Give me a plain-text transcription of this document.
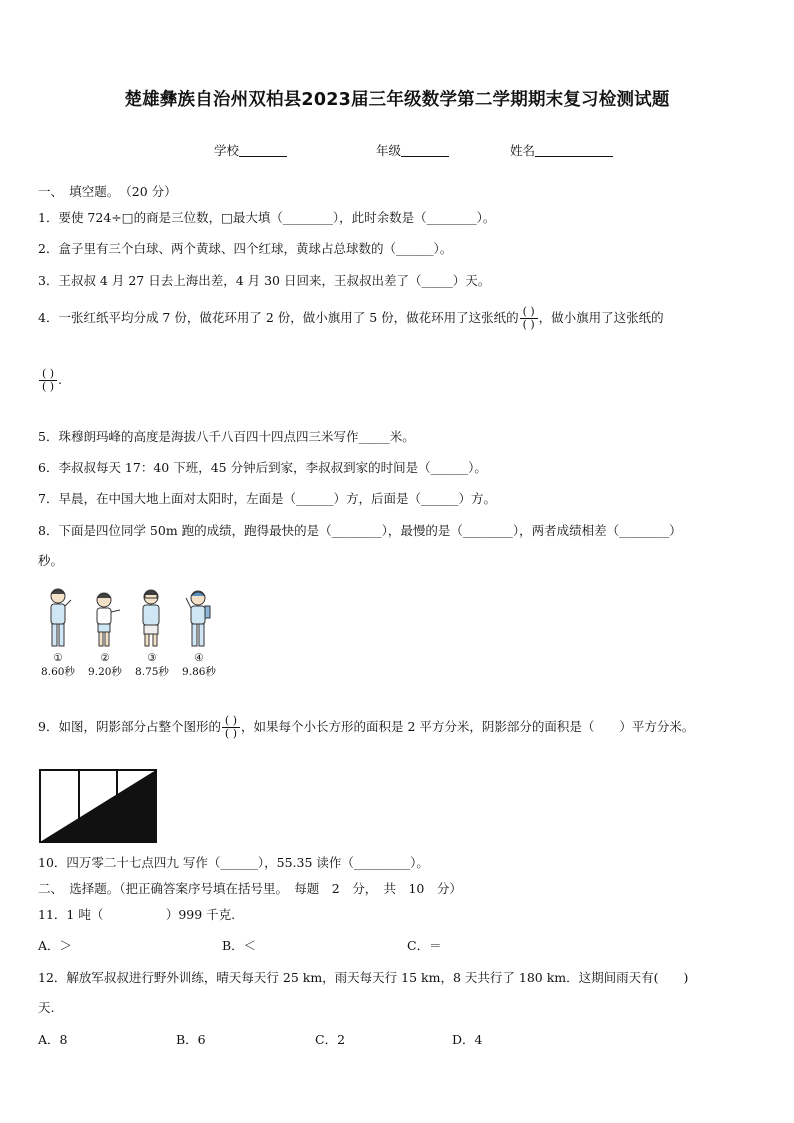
楚雄彝族自治州双柏县2023届三年级数学第二学期期末复习检测试题
学校	年级	姓名
一、　填空题。　（20 分）
1．要使 724÷□的商是三位数，□最大填（________），此时余数是（________）。
2．盒子里有三个白球、两个黄球、四个红球，黄球占总球数的（______）。
3．王叔叔 4 月 27 日去上海出差，4 月 30 日回来，王叔叔出差了（_____）天。
4．一张红纸平均分成 7 份，做花环用了 2 份，做小旗用了 5 份，做花环用了这张纸的 $\frac{( )}{( )}$ ，做小旗用了这张纸的
$\frac{( )}{( )}$ .
5．珠穆朗玛峰的高度是海拔八千八百四十四点四三米写作_____米。
6．李叔叔每天 17：40 下班，45 分钟后到家，李叔叔到家的时间是（______）。
7．早晨，在中国大地上面对太阳时，左面是（______）方，后面是（______）方。
8．下面是四位同学 50m 跑的成绩，跑得最快的是（________），最慢的是（________），两者成绩相差（________）
秒。
①
8.60秒
②
9.20秒
③
8.75秒
④
9.86秒
9．如图，阴影部分占整个图形的 $\frac{( )}{( )}$ ，如果每个小长方形的面积是 2 平方分米，阴影部分的面积是（　　）平方分米。
10．四万零二十七点四九 写作（______），55.35 读作（_________）。
二、　选择题。（把正确答案序号填在括号里。　每题　2　分，　共　10　分）
11．1 吨（　　　　　）999 千克.
A．＞	B．＜	C．＝
12．解放军叔叔进行野外训练，晴天每天行 25 km，雨天每天行 15 km，8 天共行了 180 km．这期间雨天有(　　)
天.
A．8	B．6	C．2	D．4
